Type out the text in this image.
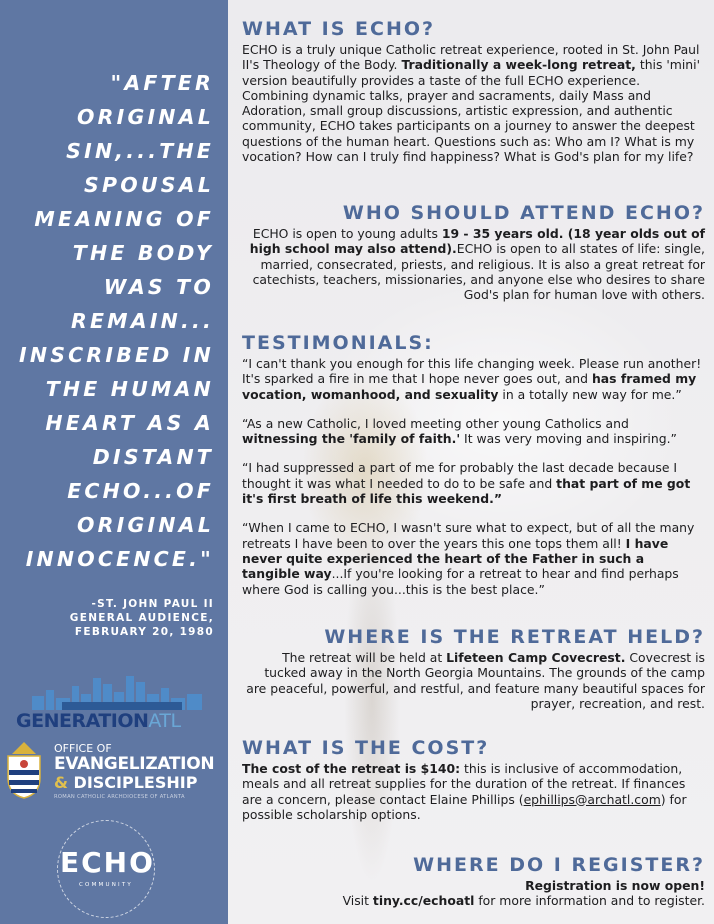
"AFTER
ORIGINAL
SIN,...THE
SPOUSAL
MEANING OF
THE BODY
WAS TO
REMAIN...
INSCRIBED IN
THE HUMAN
HEART AS A
DISTANT
ECHO...OF
ORIGINAL
INNOCENCE."
-ST. JOHN PAUL II
GENERAL AUDIENCE,
FEBRUARY 20, 1980
GENERATIONATL
OFFICE OF
EVANGELIZATION
& DISCIPLESHIP
ROMAN CATHOLIC ARCHDIOCESE OF ATLANTA
ECHO
COMMUNITY
WHAT IS ECHO?

ECHO is a truly unique Catholic retreat experience, rooted in St. John Paul II's Theology of the Body. Traditionally a week-long retreat, this 'mini' version beautifully provides a taste of the full ECHO experience. Combining dynamic talks, prayer and sacraments, daily Mass and Adoration, small group discussions, artistic expression, and authentic community, ECHO takes participants on a journey to answer the deepest questions of the human heart. Questions such as: Who am I? What is my vocation? How can I truly find happiness? What is God's plan for my life?

WHO SHOULD ATTEND ECHO?

ECHO is open to young adults 19 - 35 years old. (18 year olds out of high school may also attend).ECHO is open to all states of life: single, married, consecrated, priests, and religious. It is also a great retreat for catechists, teachers, missionaries, and anyone else who desires to share God's plan for human love with others.

TESTIMONIALS:

“I can't thank you enough for this life changing week. Please run another! It's sparked a fire in me that I hope never goes out, and has framed my vocation, womanhood, and sexuality in a totally new way for me.”

“As a new Catholic, I loved meeting other young Catholics and witnessing the 'family of faith.' It was very moving and inspiring.”

“I had suppressed a part of me for probably the last decade because I thought it was what I needed to do to be safe and that part of me got it's first breath of life this weekend.”

“When I came to ECHO, I wasn't sure what to expect, but of all the many retreats I have been to over the years this one tops them all! I have never quite experienced the heart of the Father in such a tangible way...If you're looking for a retreat to hear and find perhaps where God is calling you...this is the best place.”

WHERE IS THE RETREAT HELD?

The retreat will be held at Lifeteen Camp Covecrest. Covecrest is tucked away in the North Georgia Mountains. The grounds of the camp are peaceful, powerful, and restful, and feature many beautiful spaces for prayer, recreation, and rest.

WHAT IS THE COST?

The cost of the retreat is $140: this is inclusive of accommodation, meals and all retreat supplies for the duration of the retreat. If finances are a concern, please contact Elaine Phillips (ephillips@archatl.com) for possible scholarship options.

WHERE DO I REGISTER?

Registration is now open!
Visit tiny.cc/echoatl for more information and to register.
